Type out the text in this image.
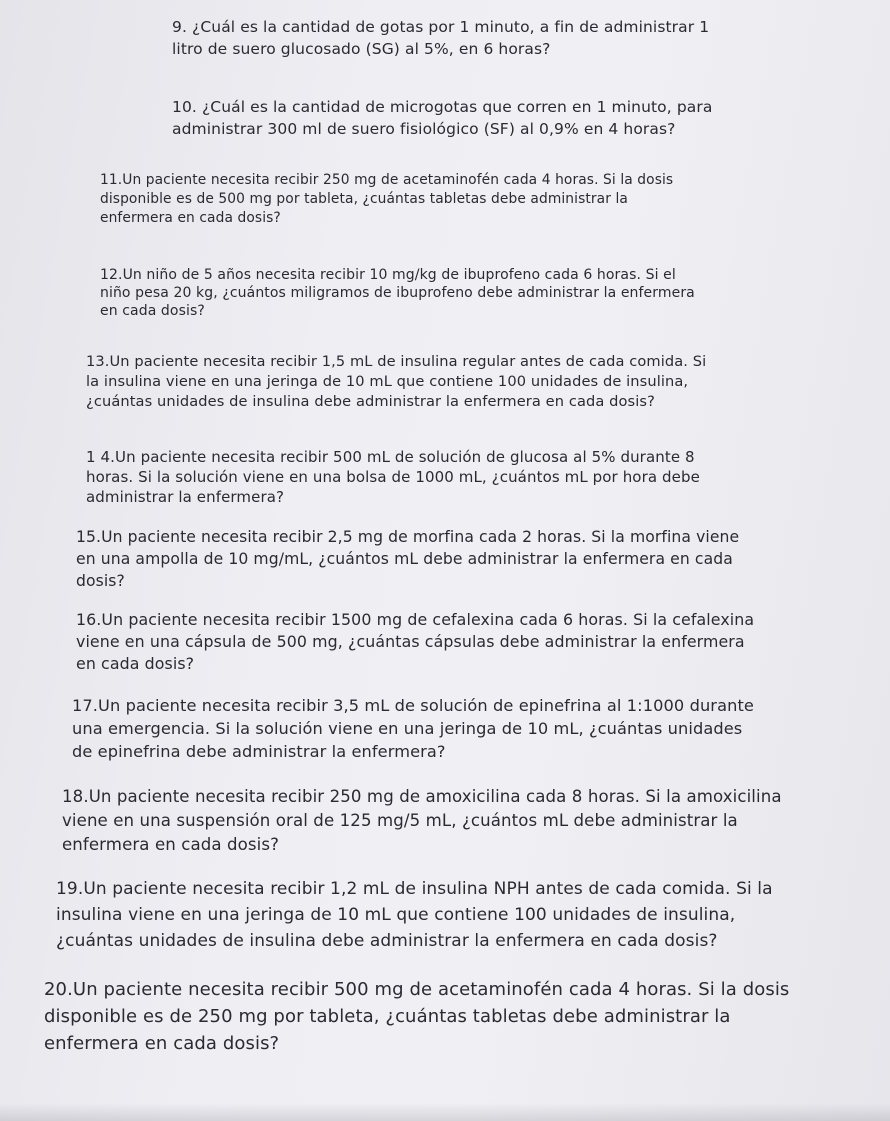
9. ¿Cuál es la cantidad de gotas por 1 minuto, a fin de administrar 1
litro de suero glucosado (SG) al 5%, en 6 horas?
10. ¿Cuál es la cantidad de microgotas que corren en 1 minuto, para
administrar 300 ml de suero fisiológico (SF) al 0,9% en 4 horas?
11.Un paciente necesita recibir 250 mg de acetaminofén cada 4 horas. Si la dosis
disponible es de 500 mg por tableta, ¿cuántas tabletas debe administrar la
enfermera en cada dosis?
12.Un niño de 5 años necesita recibir 10 mg/kg de ibuprofeno cada 6 horas. Si el
niño pesa 20 kg, ¿cuántos miligramos de ibuprofeno debe administrar la enfermera
en cada dosis?
13.Un paciente necesita recibir 1,5 mL de insulina regular antes de cada comida. Si
la insulina viene en una jeringa de 10 mL que contiene 100 unidades de insulina,
¿cuántas unidades de insulina debe administrar la enfermera en cada dosis?
1 4.Un paciente necesita recibir 500 mL de solución de glucosa al 5% durante 8
horas. Si la solución viene en una bolsa de 1000 mL, ¿cuántos mL por hora debe
administrar la enfermera?
15.Un paciente necesita recibir 2,5 mg de morfina cada 2 horas. Si la morfina viene
en una ampolla de 10 mg/mL, ¿cuántos mL debe administrar la enfermera en cada
dosis?
16.Un paciente necesita recibir 1500 mg de cefalexina cada 6 horas. Si la cefalexina
viene en una cápsula de 500 mg, ¿cuántas cápsulas debe administrar la enfermera
en cada dosis?
17.Un paciente necesita recibir 3,5 mL de solución de epinefrina al 1:1000 durante
una emergencia. Si la solución viene en una jeringa de 10 mL, ¿cuántas unidades
de epinefrina debe administrar la enfermera?
18.Un paciente necesita recibir 250 mg de amoxicilina cada 8 horas. Si la amoxicilina
viene en una suspensión oral de 125 mg/5 mL, ¿cuántos mL debe administrar la
enfermera en cada dosis?
19.Un paciente necesita recibir 1,2 mL de insulina NPH antes de cada comida. Si la
insulina viene en una jeringa de 10 mL que contiene 100 unidades de insulina,
¿cuántas unidades de insulina debe administrar la enfermera en cada dosis?
20.Un paciente necesita recibir 500 mg de acetaminofén cada 4 horas. Si la dosis
disponible es de 250 mg por tableta, ¿cuántas tabletas debe administrar la
enfermera en cada dosis?
